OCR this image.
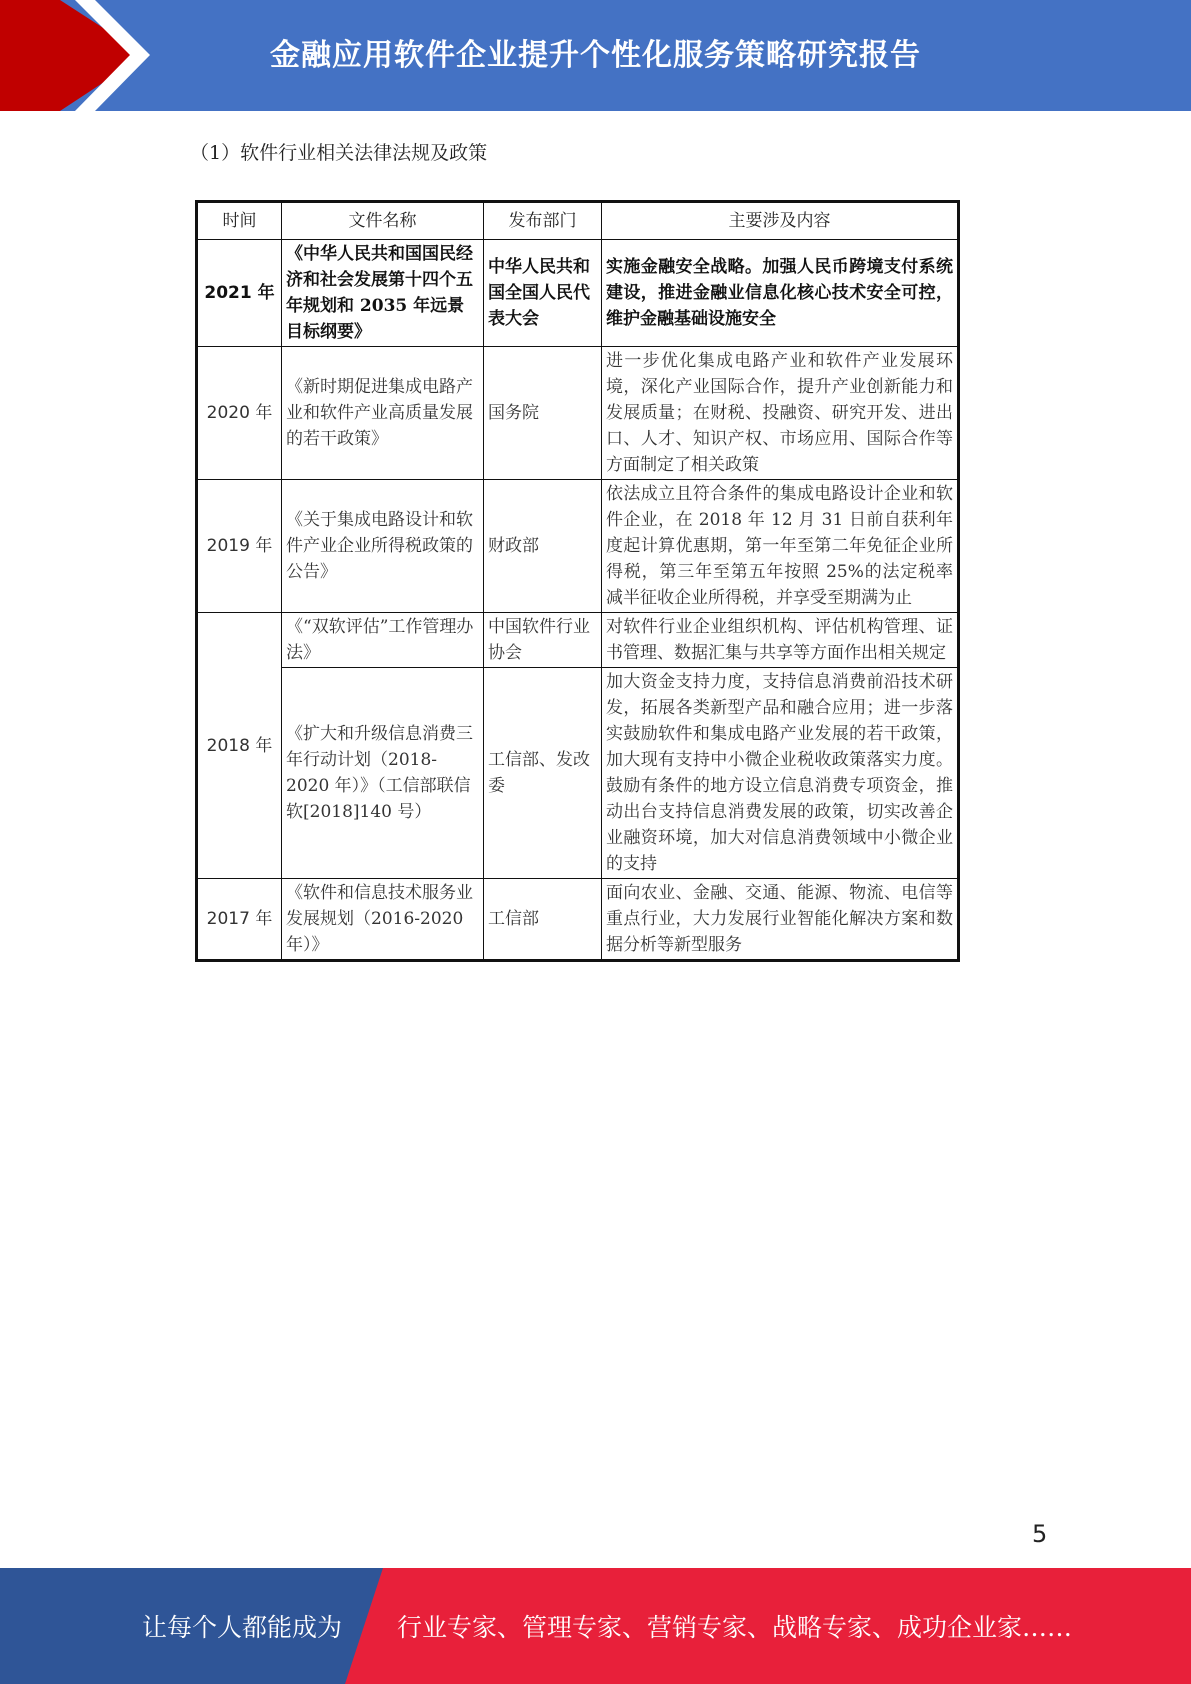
金融应用软件企业提升个性化服务策略研究报告
（1）软件行业相关法律法规及政策
时间	文件名称	发布部门	主要涉及内容
2021 年	《中华人民共和国国民经济和社会发展第十四个五年规划和 2035 年远景目标纲要》	中华人民共和国全国人民代表大会	实施金融安全战略。加强人民币跨境支付系统建设，推进金融业信息化核心技术安全可控，维护金融基础设施安全
2020 年	《新时期促进集成电路产业和软件产业高质量发展的若干政策》	国务院	进一步优化集成电路产业和软件产业发展环境，深化产业国际合作，提升产业创新能力和发展质量；在财税、投融资、研究开发、进出口、人才、知识产权、市场应用、国际合作等方面制定了相关政策
2019 年	《关于集成电路设计和软件产业企业所得税政策的公告》	财政部	依法成立且符合条件的集成电路设计企业和软件企业，在 2018 年 12 月 31 日前自获利年度起计算优惠期，第一年至第二年免征企业所得税，第三年至第五年按照 25%的法定税率减半征收企业所得税，并享受至期满为止
2018 年	《“双软评估”工作管理办法》	中国软件行业协会	对软件行业企业组织机构、评估机构管理、证书管理、数据汇集与共享等方面作出相关规定
	《扩大和升级信息消费三年行动计划（2018-2020 年）》（工信部联信软[2018]140 号）	工信部、发改委	加大资金支持力度，支持信息消费前沿技术研发，拓展各类新型产品和融合应用；进一步落实鼓励软件和集成电路产业发展的若干政策，加大现有支持中小微企业税收政策落实力度。鼓励有条件的地方设立信息消费专项资金，推动出台支持信息消费发展的政策，切实改善企业融资环境，加大对信息消费领域中小微企业的支持
2017 年	《软件和信息技术服务业发展规划（2016-2020 年）》	工信部	面向农业、金融、交通、能源、物流、电信等重点行业，大力发展行业智能化解决方案和数据分析等新型服务
5
让每个人都能成为 行业专家、管理专家、营销专家、战略专家、成功企业家……
